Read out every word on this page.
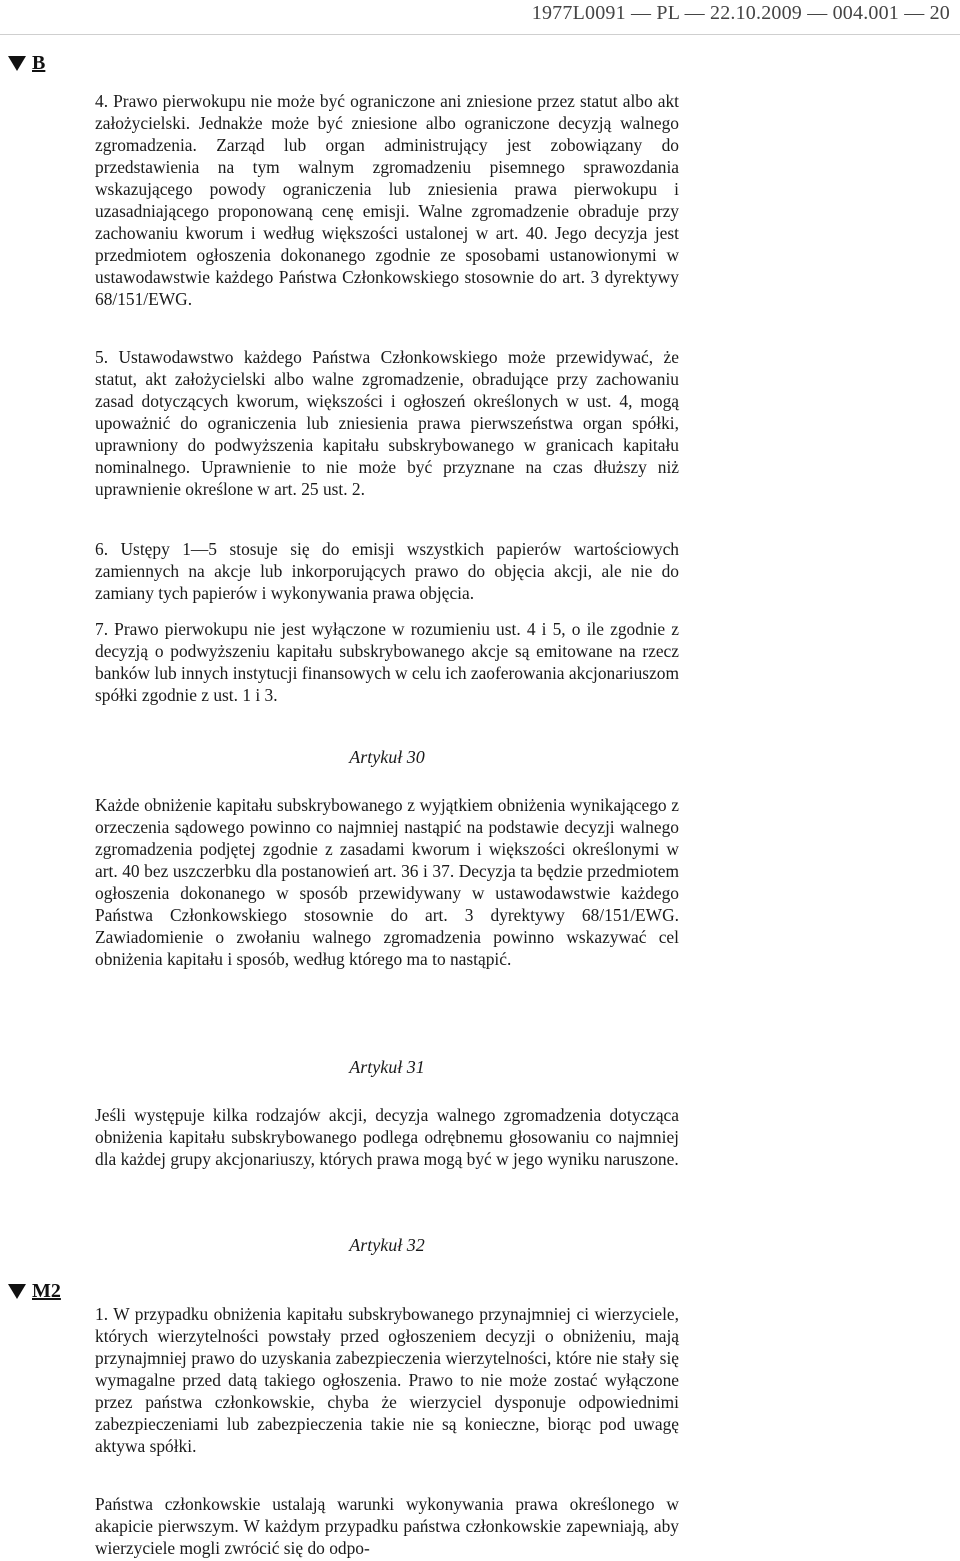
1977L0091 — PL — 22.10.2009 — 004.001 — 20
B

4. Prawo pierwokupu nie może być ograniczone ani zniesione przez statut albo akt założycielski. Jednakże może być zniesione albo ograniczone decyzją walnego zgromadzenia. Zarząd lub organ administrujący jest zobowiązany do przedstawienia na tym walnym zgromadzeniu pisemnego sprawozdania wskazującego powody ograniczenia lub zniesienia prawa pierwokupu i uzasadniającego proponowaną cenę emisji. Walne zgromadzenie obraduje przy zachowaniu kworum i według większości ustalonej w art. 40. Jego decyzja jest przedmiotem ogłoszenia dokonanego zgodnie ze sposobami ustanowionymi w ustawodawstwie każdego Państwa Członkowskiego stosownie do art. 3 dyrektywy 68/151/EWG.

5. Ustawodawstwo każdego Państwa Członkowskiego może przewidywać, że statut, akt założycielski albo walne zgromadzenie, obradujące przy zachowaniu zasad dotyczących kworum, większości i ogłoszeń określonych w ust. 4, mogą upoważnić do ograniczenia lub zniesienia prawa pierwszeństwa organ spółki, uprawniony do podwyższenia kapitału subskrybowanego w granicach kapitału nominalnego. Uprawnienie to nie może być przyznane na czas dłuższy niż uprawnienie określone w art. 25 ust. 2.

6. Ustępy 1—5 stosuje się do emisji wszystkich papierów wartościowych zamiennych na akcje lub inkorporujących prawo do objęcia akcji, ale nie do zamiany tych papierów i wykonywania prawa objęcia.

7. Prawo pierwokupu nie jest wyłączone w rozumieniu ust. 4 i 5, o ile zgodnie z decyzją o podwyższeniu kapitału subskrybowanego akcje są emitowane na rzecz banków lub innych instytucji finansowych w celu ich zaoferowania akcjonariuszom spółki zgodnie z ust. 1 i 3.

Artykuł 30

Każde obniżenie kapitału subskrybowanego z wyjątkiem obniżenia wynikającego z orzeczenia sądowego powinno co najmniej nastąpić na podstawie decyzji walnego zgromadzenia podjętej zgodnie z zasadami kworum i większości określonymi w art. 40 bez uszczerbku dla postanowień art. 36 i 37. Decyzja ta będzie przedmiotem ogłoszenia dokonanego w sposób przewidywany w ustawodawstwie każdego Państwa Członkowskiego stosownie do art. 3 dyrektywy 68/151/EWG. Zawiadomienie o zwołaniu walnego zgromadzenia powinno wskazywać cel obniżenia kapitału i sposób, według którego ma to nastąpić.

Artykuł 31

Jeśli występuje kilka rodzajów akcji, decyzja walnego zgromadzenia dotycząca obniżenia kapitału subskrybowanego podlega odrębnemu głosowaniu co najmniej dla każdej grupy akcjonariuszy, których prawa mogą być w jego wyniku naruszone.

Artykuł 32
M2

1. W przypadku obniżenia kapitału subskrybowanego przynajmniej ci wierzyciele, których wierzytelności powstały przed ogłoszeniem decyzji o obniżeniu, mają przynajmniej prawo do uzyskania zabezpieczenia wierzytelności, które nie stały się wymagalne przed datą takiego ogłoszenia. Prawo to nie może zostać wyłączone przez państwa członkowskie, chyba że wierzyciel dysponuje odpowiednimi zabezpieczeniami lub zabezpieczenia takie nie są konieczne, biorąc pod uwagę aktywa spółki.

Państwa członkowskie ustalają warunki wykonywania prawa określonego w akapicie pierwszym. W każdym przypadku państwa członkowskie zapewniają, aby wierzyciele mogli zwrócić się do odpo-
